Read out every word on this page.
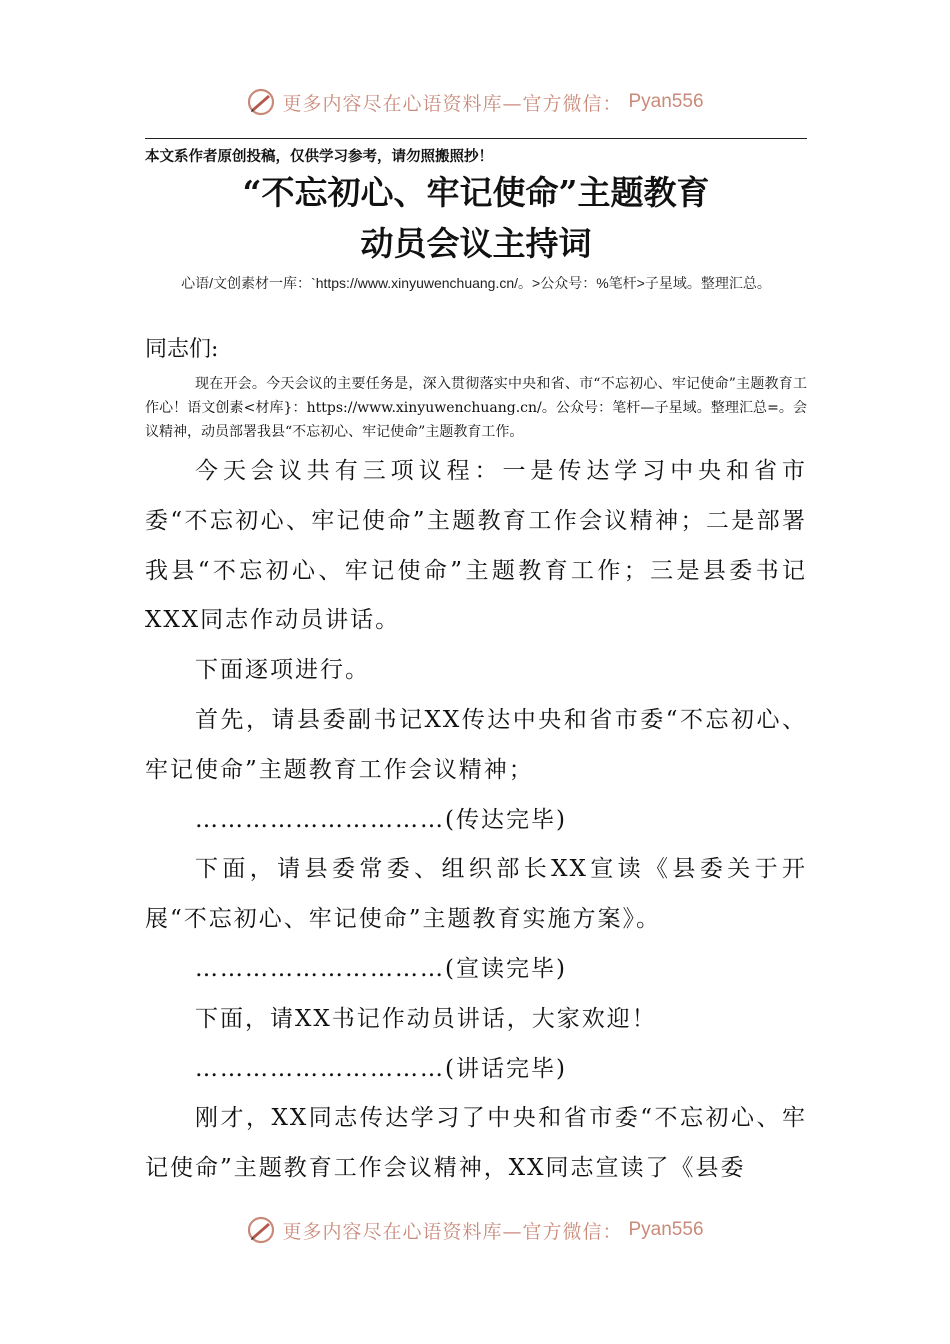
更多内容尽在心语资料库—官方微信： Pyan556
本文系作者原创投稿，仅供学习参考，请勿照搬照抄！
“不忘初心、牢记使命”主题教育
动员会议主持词
心语/文创素材一库：`https://www.xinyuwenchuang.cn/。>公众号：%笔杆>子星域。整理汇总。
同志们:
现在开会。今天会议的主要任务是，深入贯彻落实中央和省、市“不忘初心、牢记使命”主题教育工作心！语文创素<材库}：https://www.xinyuwenchuang.cn/。公众号：笔杆—子星域。整理汇总=。会议精神，动员部署我县“不忘初心、牢记使命”主题教育工作。

今天会议共有三项议程：一是传达学习中央和省市委“不忘初心、牢记使命”主题教育工作会议精神；二是部署我县“不忘初心、牢记使命”主题教育工作；三是县委书记XXX同志作动员讲话。

下面逐项进行。

首先，请县委副书记XX传达中央和省市委“不忘初心、牢记使命”主题教育工作会议精神；

…………………………(传达完毕)

下面，请县委常委、组织部长XX宣读《县委关于开展“不忘初心、牢记使命”主题教育实施方案》。

…………………………(宣读完毕)

下面，请XX书记作动员讲话，大家欢迎！

…………………………(讲话完毕)

刚才，XX同志传达学习了中央和省市委“不忘初心、牢记使命”主题教育工作会议精神，XX同志宣读了《县委

更多内容尽在心语资料库—官方微信： Pyan556
